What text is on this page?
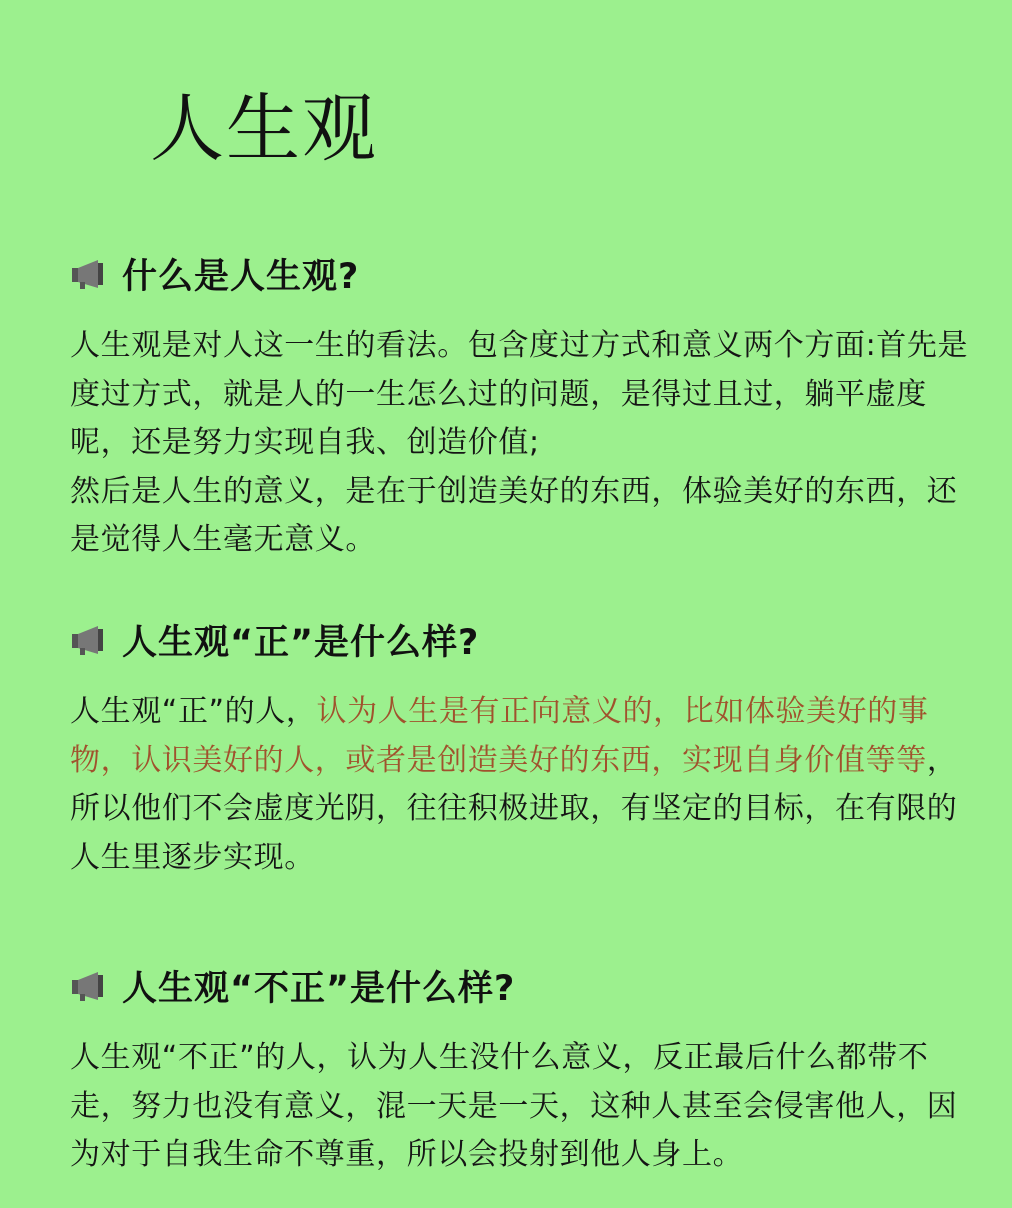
人生观
什么是人生观?

人生观是对人这一生的看法。包含度过方式和意义两个方面:首先是度过方式，就是人的一生怎么过的问题，是得过且过，躺平虚度呢，还是努力实现自我、创造价值;

然后是人生的意义，是在于创造美好的东西，体验美好的东西，还是觉得人生毫无意义。

人生观“正”是什么样?

人生观“正”的人，认为人生是有正向意义的，比如体验美好的事物，认识美好的人，或者是创造美好的东西，实现自身价值等等，所以他们不会虚度光阴，往往积极进取，有坚定的目标，在有限的人生里逐步实现。

人生观“不正”是什么样?

人生观“不正”的人，认为人生没什么意义，反正最后什么都带不走，努力也没有意义，混一天是一天，这种人甚至会侵害他人，因为对于自我生命不尊重，所以会投射到他人身上。
